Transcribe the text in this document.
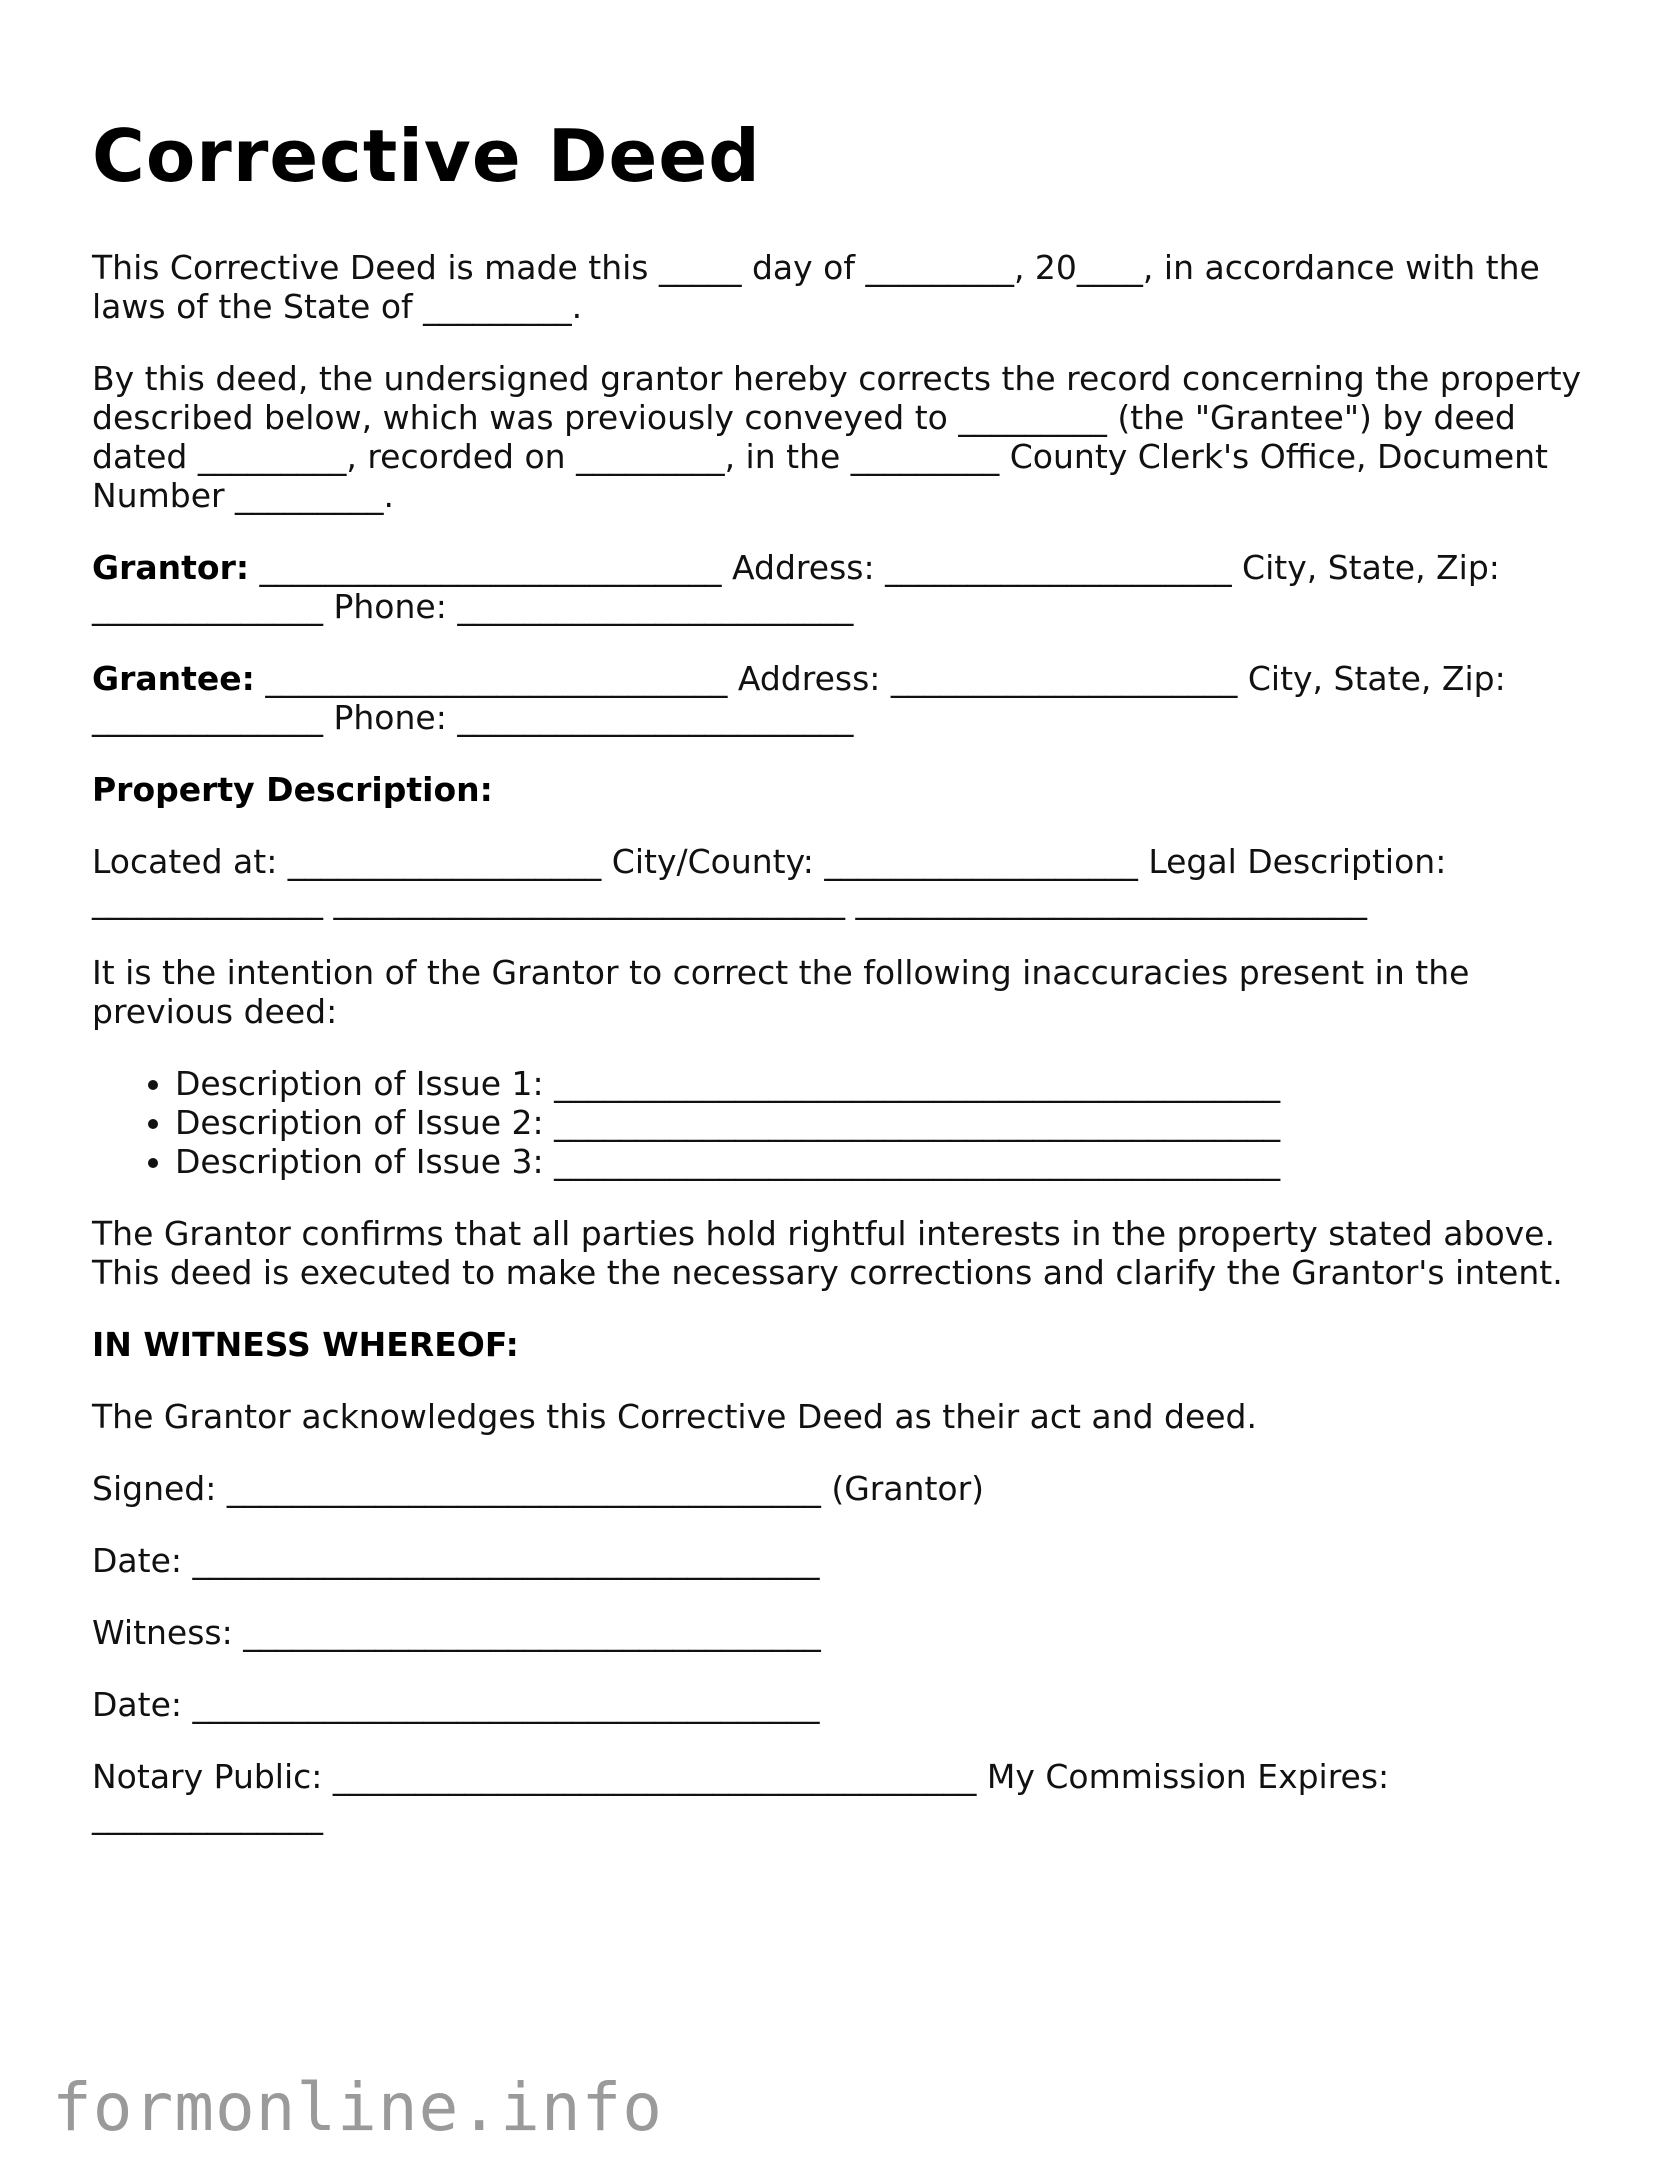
Corrective Deed

This Corrective Deed is made this _____ day of _________, 20____, in accordance with the laws of the State of _________.

By this deed, the undersigned grantor hereby corrects the record concerning the property described below, which was previously conveyed to _________ (the "Grantee") by deed dated _________, recorded on _________, in the _________ County Clerk's Office, Document Number _________.

Grantor: ____________________________ Address: _____________________ City, State, Zip: ______________ Phone: ________________________

Grantee: ____________________________ Address: _____________________ City, State, Zip: ______________ Phone: ________________________

Property Description:

Located at: ___________________ City/County: ___________________ Legal Description: ______________ _______________________________ _______________________________

It is the intention of the Grantor to correct the following inaccuracies present in the previous deed:

• Description of Issue 1: ____________________________________________
• Description of Issue 2: ____________________________________________
• Description of Issue 3: ____________________________________________

The Grantor confirms that all parties hold rightful interests in the property stated above. This deed is executed to make the necessary corrections and clarify the Grantor's intent.

IN WITNESS WHEREOF:

The Grantor acknowledges this Corrective Deed as their act and deed.

Signed: ____________________________________ (Grantor)

Date: ______________________________________

Witness: ___________________________________

Date: ______________________________________

Notary Public: _______________________________________ My Commission Expires: ______________

formonline.info
